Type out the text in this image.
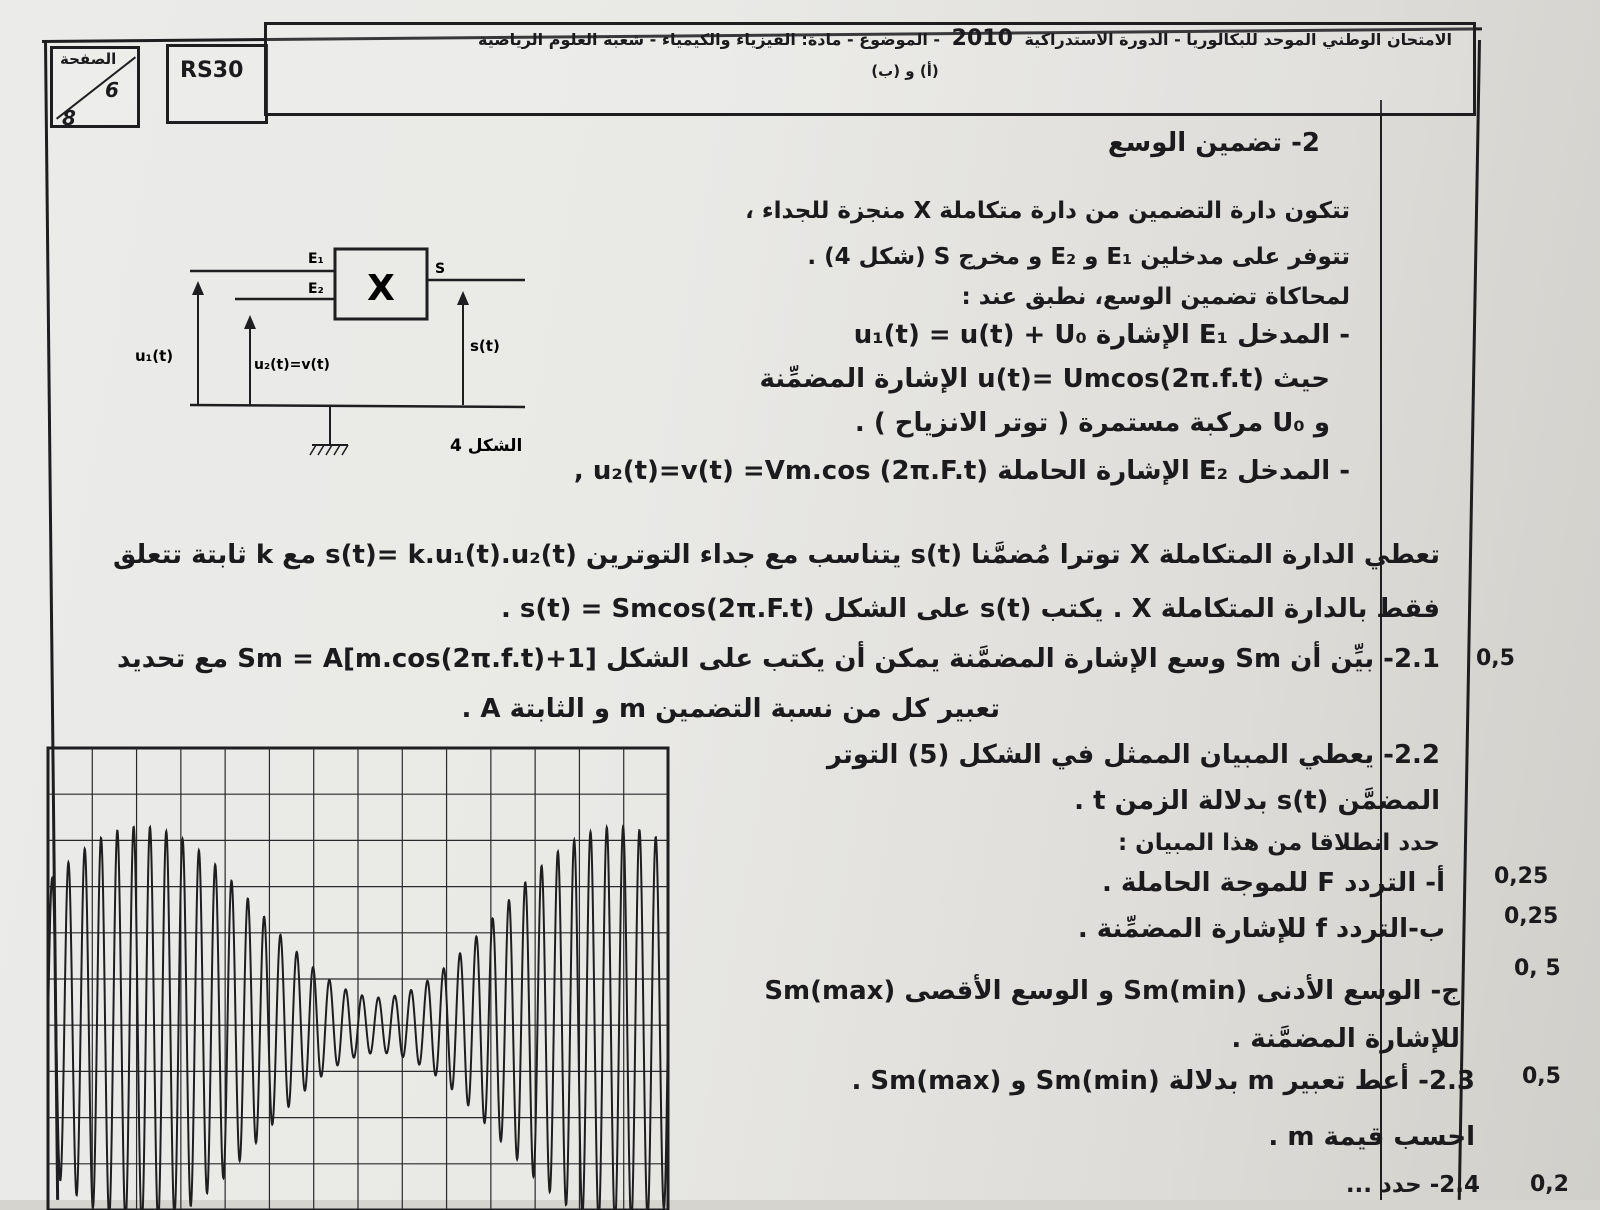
الصفحة
6
8
RS30
الامتحان الوطني الموحد للبكالوريا - الدورة الاستدراكية 2010 - الموضوع - مادة: الفيزياء والكيمياء - شعبة العلوم الرياضية
(أ) و (ب)
2- تضمين الوسع
تتكون دارة التضمين من دارة متكاملة X منجزة للجداء ،
تتوفر على مدخلين E₁ و E₂ و مخرج S (شكل 4) .
لمحاكاة تضمين الوسع، نطبق عند :
- المدخل E₁ الإشارة u₁(t) = u(t) + U₀
حيث u(t)= Umcos(2π.f.t) الإشارة المضمِّنة
و U₀ مركبة مستمرة ( توتر الانزياح ) .
- المدخل E₂ الإشارة الحاملة u₂(t)=v(t) =Vm.cos (2π.F.t) ,
X
E₁
E₂
S
u₁(t)	u₂(t)=v(t)
s(t)
الشكل 4
تعطي الدارة المتكاملة X توترا مُضمَّنا s(t) يتناسب مع جداء التوترين s(t)= k.u₁(t).u₂(t) مع k ثابتة تتعلق
فقط بالدارة المتكاملة X . يكتب s(t) على الشكل s(t) = Smcos(2π.F.t) .
2.1- بيِّن أن Sm وسع الإشارة المضمَّنة يمكن أن يكتب على الشكل Sm = A[m.cos(2π.f.t)+1] مع تحديد
تعبير كل من نسبة التضمين m و الثابتة A .
0,5
2.2- يعطي المبيان الممثل في الشكل (5) التوتر
المضمَّن s(t) بدلالة الزمن t .
حدد انطلاقا من هذا المبيان :
أ- التردد F للموجة الحاملة . 0,25
ب-التردد f للإشارة المضمِّنة .	0,25
ج- الوسع الأدنى Sm(min) و الوسع الأقصى Sm(max)
للإشارة المضمَّنة .
0, 5
2.3- أعط تعبير m بدلالة Sm(min) و Sm(max) .
احسب قيمة m .
0,5
2.4- حدد ... 0,2
